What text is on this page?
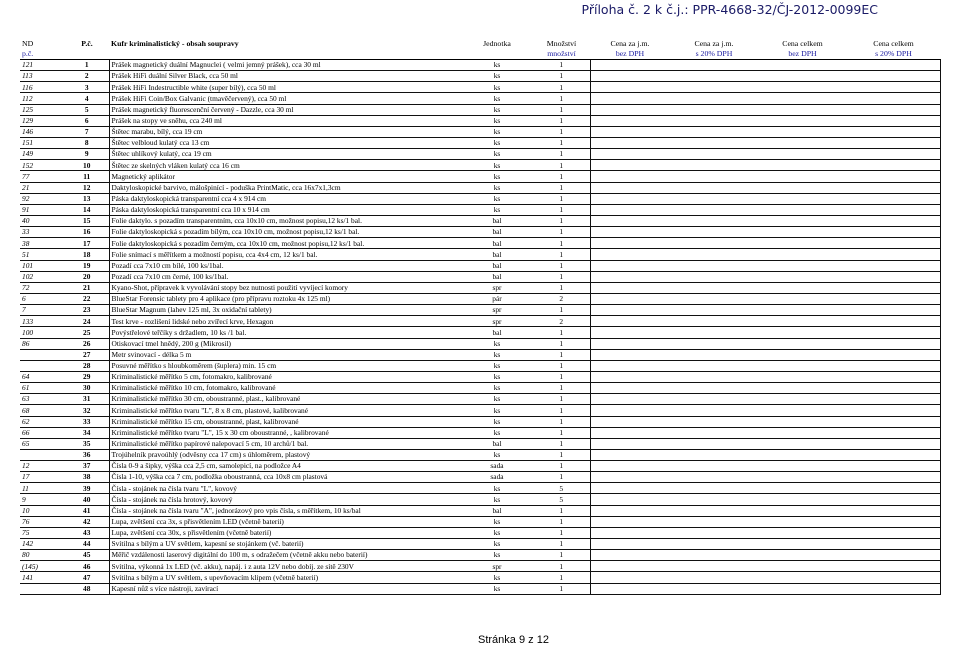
Příloha č. 2 k č.j.: PPR-4668-32/ČJ-2012-0099EC
ND	P.č.	Kufr kriminalistický - obsah soupravy	Jednotka	Množství	Cena za j.m.	Cena za j.m.	Cena celkem	Cena celkem
p.č.				množství	bez DPH	s 20% DPH	bez DPH	s 20% DPH
121	1	Prášek magnetický duální Magnuclei ( velmi jemný prášek), cca 30 ml	ks	1				
113	2	Prášek HiFi duální Silver Black, cca 50 ml	ks	1				
116	3	Prášek HiFi Indestructible white (super bílý), cca 50 ml	ks	1				
112	4	Prášek HiFi Coin/Box Galvanic (tmavěčervený), cca 50 ml	ks	1				
125	5	Prášek magnetický fluorescenční červený - Dazzle, cca 30 ml	ks	1				
129	6	Prášek na stopy ve sněhu, cca 240 ml	ks	1				
146	7	Štětec marabu, bílý, cca 19 cm	ks	1				
151	8	Štětec velbloud kulatý cca 13 cm	ks	1				
149	9	Štětec uhlíkový kulatý, cca 19 cm	ks	1				
152	10	Štětec ze skelných vláken kulatý cca 16 cm	ks	1				
77	11	Magnetický aplikátor	ks	1				
21	12	Daktyloskopické barvivo, málošpinící - poduška PrintMatic, cca 16x7x1,3cm	ks	1				
92	13	Páska daktyloskopická transparentní cca 4 x 914 cm	ks	1				
91	14	Páska daktyloskopická transparentní cca 10 x 914 cm	ks	1				
40	15	Folie daktylo. s pozadím transparentním, cca 10x10 cm, možnost popisu,12 ks/1 bal.	bal	1				
33	16	Folie daktyloskopická s pozadím bílým, cca 10x10 cm, možnost popisu,12 ks/1 bal.	bal	1				
38	17	Folie daktyloskopická s pozadím černým, cca 10x10 cm, možnost popisu,12 ks/1 bal.	bal	1				
51	18	Folie snímací s měřítkem a možností popisu, cca 4x4 cm, 12 ks/1 bal.	bal	1				
101	19	Pozadí cca 7x10 cm bílé, 100 ks/1bal.	bal	1				
102	20	Pozadí cca 7x10 cm černé, 100 ks/1bal.	bal	1				
72	21	Kyano-Shot, přípravek k vyvolávání stopy bez nutnosti použití vyvíjecí komory	spr	1				
6	22	BlueStar Forensic tablety pro 4 aplikace (pro přípravu roztoku 4x 125 ml)	pár	2				
7	23	BlueStar Magnum (lahev 125 ml, 3x oxidační tablety)	spr	1				
133	24	Test krve - rozlišení lidské nebo zvířecí krve, Hexagon	spr	2				
100	25	Povýstřelové teřčíky s držadlem, 10 ks /1 bal.	bal	1				
86	26	Otiskovací tmel hnědý, 200 g (Mikrosil)	ks	1				
	27	Metr svinovací - délka 5 m	ks	1				
	28	Posuvné měřítko s hloubkoměrem (šuplera) min. 15 cm	ks	1				
64	29	Kriminalistické měřítko 5 cm, fotomakro, kalibrované	ks	1				
61	30	Kriminalistické měřítko 10 cm, fotomakro, kalibrované	ks	1				
63	31	Kriminalistické měřítko 30 cm, oboustranné, plast., kalibrované	ks	1				
68	32	Kriminalistické měřítko tvaru "L", 8 x 8 cm, plastové, kalibrované	ks	1				
62	33	Kriminalistické měřítko 15 cm, oboustranné, plast, kalibrované	ks	1				
66	34	Kriminalistické měřítko tvaru "L", 15 x 30 cm oboustranné, , kalibrované	ks	1				
65	35	Kriminalistické měřítko papírové nalepovací 5 cm, 10 archů/1 bal.	bal	1				
	36	Trojúhelník pravoúhlý (odvěsny cca 17 cm) s úhloměrem, plastový	ks	1				
12	37	Čísla 0-9 a šipky, výška cca 2,5 cm, samolepicí, na podložce A4	sada	1				
17	38	Čísla 1-10, výška cca 7 cm, podložka oboustranná, cca 10x8 cm plastová	sada	1				
11	39	Čísla - stojánek na čísla tvaru "L", kovový	ks	5				
9	40	Čísla - stojánek na čísla hrotový, kovový	ks	5				
10	41	Čísla - stojánek na čísla tvaru "A", jednorázový pro vpis čísla, s měřítkem, 10 ks/bal	bal	1				
76	42	Lupa, zvětšení cca 3x, s přisvětlením LED (včetně baterií)	ks	1				
75	43	Lupa, zvětšení cca 30x, s přisvětlením (včetně baterií)	ks	1				
142	44	Svítilna s bílým a UV světlem, kapesní se stojánkem (vč. baterií)	ks	1				
80	45	Měřič vzdálenosti laserový digitální do 100 m, s odražečem (včetně akku nebo baterií)	ks	1				
(145)	46	Svítilna, výkonná 1x LED (vč. akku), napáj. i z auta 12V nebo dobíj. ze sítě 230V	spr	1				
141	47	Svítilna s bílým a UV světlem, s upevňovacím klipem (včetně baterií)	ks	1				
	48	Kapesní nůž s více nástroji, zavírací	ks	1				
Stránka 9 z 12
